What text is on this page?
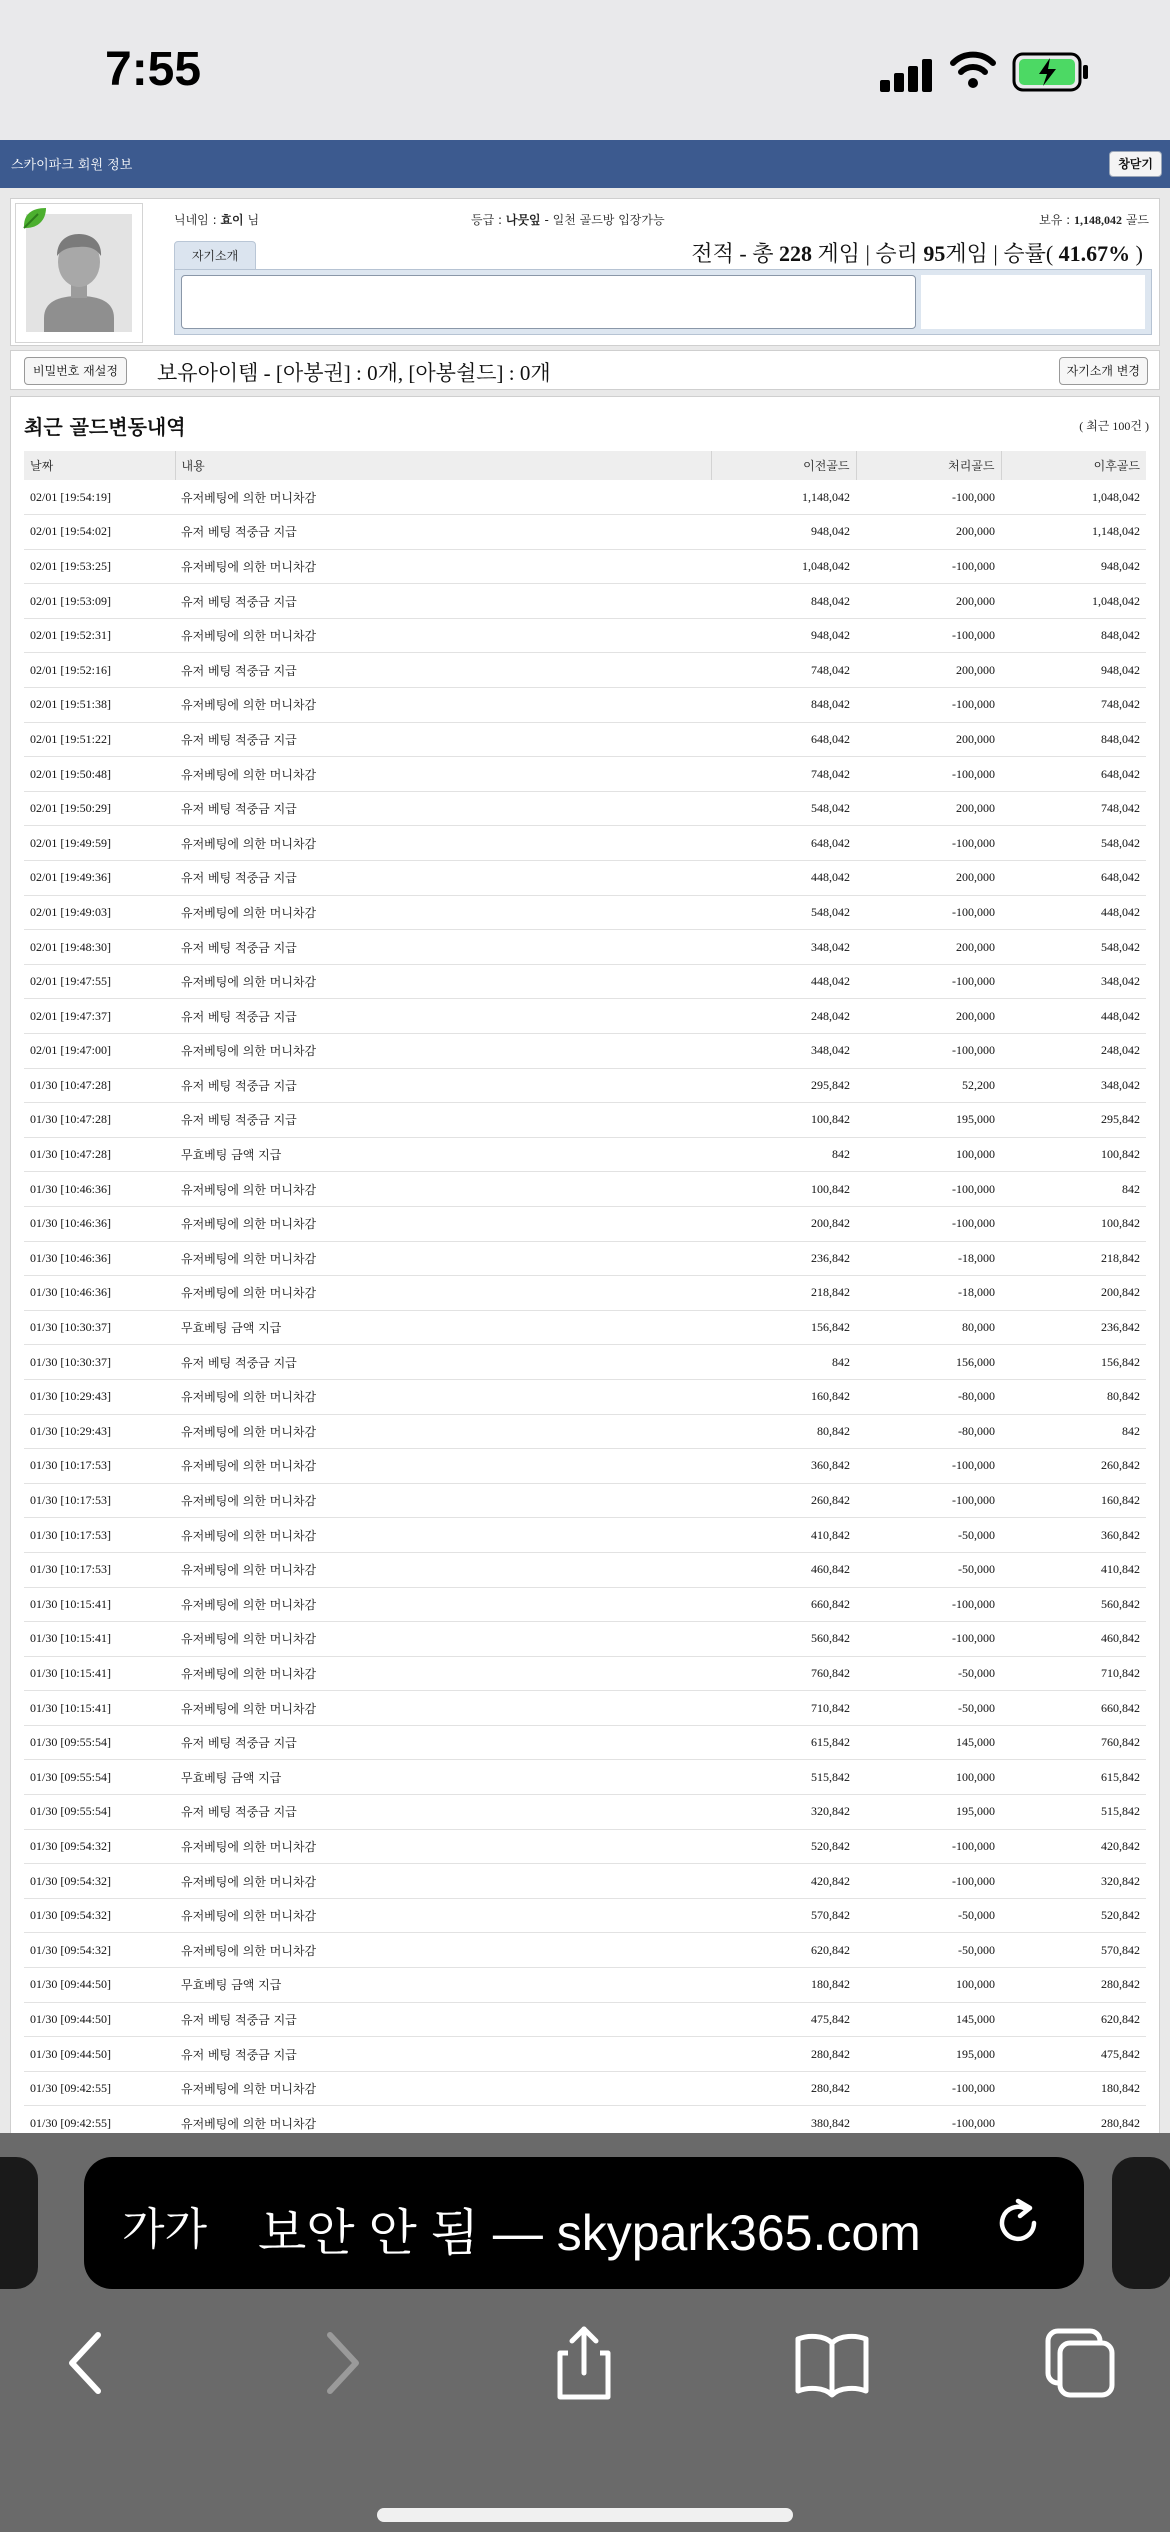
7:55
스카이파크 회원 정보	창닫기
닉네임 : 효이 님	등급 : 나뭇잎 - 일천 골드방 입장가능	보유 : 1,148,042 골드
자기소개	전적 - 총 228 게임 | 승리 95게임 | 승률( 41.67% )
비밀번호 재설정	보유아이템 - [아봉권] : 0개, [아봉쉴드] : 0개	자기소개 변경
최근 골드변동내역	( 최근 100건 )
날짜	내용	이전골드	처리골드	이후골드
02/01 [19:54:19]	유저베팅에 의한 머니차감	1,148,042	-100,000	1,048,042
02/01 [19:54:02]	유저 베팅 적중금 지급	948,042	200,000	1,148,042
02/01 [19:53:25]	유저베팅에 의한 머니차감	1,048,042	-100,000	948,042
02/01 [19:53:09]	유저 베팅 적중금 지급	848,042	200,000	1,048,042
02/01 [19:52:31]	유저베팅에 의한 머니차감	948,042	-100,000	848,042
02/01 [19:52:16]	유저 베팅 적중금 지급	748,042	200,000	948,042
02/01 [19:51:38]	유저베팅에 의한 머니차감	848,042	-100,000	748,042
02/01 [19:51:22]	유저 베팅 적중금 지급	648,042	200,000	848,042
02/01 [19:50:48]	유저베팅에 의한 머니차감	748,042	-100,000	648,042
02/01 [19:50:29]	유저 베팅 적중금 지급	548,042	200,000	748,042
02/01 [19:49:59]	유저베팅에 의한 머니차감	648,042	-100,000	548,042
02/01 [19:49:36]	유저 베팅 적중금 지급	448,042	200,000	648,042
02/01 [19:49:03]	유저베팅에 의한 머니차감	548,042	-100,000	448,042
02/01 [19:48:30]	유저 베팅 적중금 지급	348,042	200,000	548,042
02/01 [19:47:55]	유저베팅에 의한 머니차감	448,042	-100,000	348,042
02/01 [19:47:37]	유저 베팅 적중금 지급	248,042	200,000	448,042
02/01 [19:47:00]	유저베팅에 의한 머니차감	348,042	-100,000	248,042
01/30 [10:47:28]	유저 베팅 적중금 지급	295,842	52,200	348,042
01/30 [10:47:28]	유저 베팅 적중금 지급	100,842	195,000	295,842
01/30 [10:47:28]	무효베팅 금액 지급	842	100,000	100,842
01/30 [10:46:36]	유저베팅에 의한 머니차감	100,842	-100,000	842
01/30 [10:46:36]	유저베팅에 의한 머니차감	200,842	-100,000	100,842
01/30 [10:46:36]	유저베팅에 의한 머니차감	236,842	-18,000	218,842
01/30 [10:46:36]	유저베팅에 의한 머니차감	218,842	-18,000	200,842
01/30 [10:30:37]	무효베팅 금액 지급	156,842	80,000	236,842
01/30 [10:30:37]	유저 베팅 적중금 지급	842	156,000	156,842
01/30 [10:29:43]	유저베팅에 의한 머니차감	160,842	-80,000	80,842
01/30 [10:29:43]	유저베팅에 의한 머니차감	80,842	-80,000	842
01/30 [10:17:53]	유저베팅에 의한 머니차감	360,842	-100,000	260,842
01/30 [10:17:53]	유저베팅에 의한 머니차감	260,842	-100,000	160,842
01/30 [10:17:53]	유저베팅에 의한 머니차감	410,842	-50,000	360,842
01/30 [10:17:53]	유저베팅에 의한 머니차감	460,842	-50,000	410,842
01/30 [10:15:41]	유저베팅에 의한 머니차감	660,842	-100,000	560,842
01/30 [10:15:41]	유저베팅에 의한 머니차감	560,842	-100,000	460,842
01/30 [10:15:41]	유저베팅에 의한 머니차감	760,842	-50,000	710,842
01/30 [10:15:41]	유저베팅에 의한 머니차감	710,842	-50,000	660,842
01/30 [09:55:54]	유저 베팅 적중금 지급	615,842	145,000	760,842
01/30 [09:55:54]	무효베팅 금액 지급	515,842	100,000	615,842
01/30 [09:55:54]	유저 베팅 적중금 지급	320,842	195,000	515,842
01/30 [09:54:32]	유저베팅에 의한 머니차감	520,842	-100,000	420,842
01/30 [09:54:32]	유저베팅에 의한 머니차감	420,842	-100,000	320,842
01/30 [09:54:32]	유저베팅에 의한 머니차감	570,842	-50,000	520,842
01/30 [09:54:32]	유저베팅에 의한 머니차감	620,842	-50,000	570,842
01/30 [09:44:50]	무효베팅 금액 지급	180,842	100,000	280,842
01/30 [09:44:50]	유저 베팅 적중금 지급	475,842	145,000	620,842
01/30 [09:44:50]	유저 베팅 적중금 지급	280,842	195,000	475,842
01/30 [09:42:55]	유저베팅에 의한 머니차감	280,842	-100,000	180,842
01/30 [09:42:55]	유저베팅에 의한 머니차감	380,842	-100,000	280,842
가가 보안 안 됨 — skypark365.com
